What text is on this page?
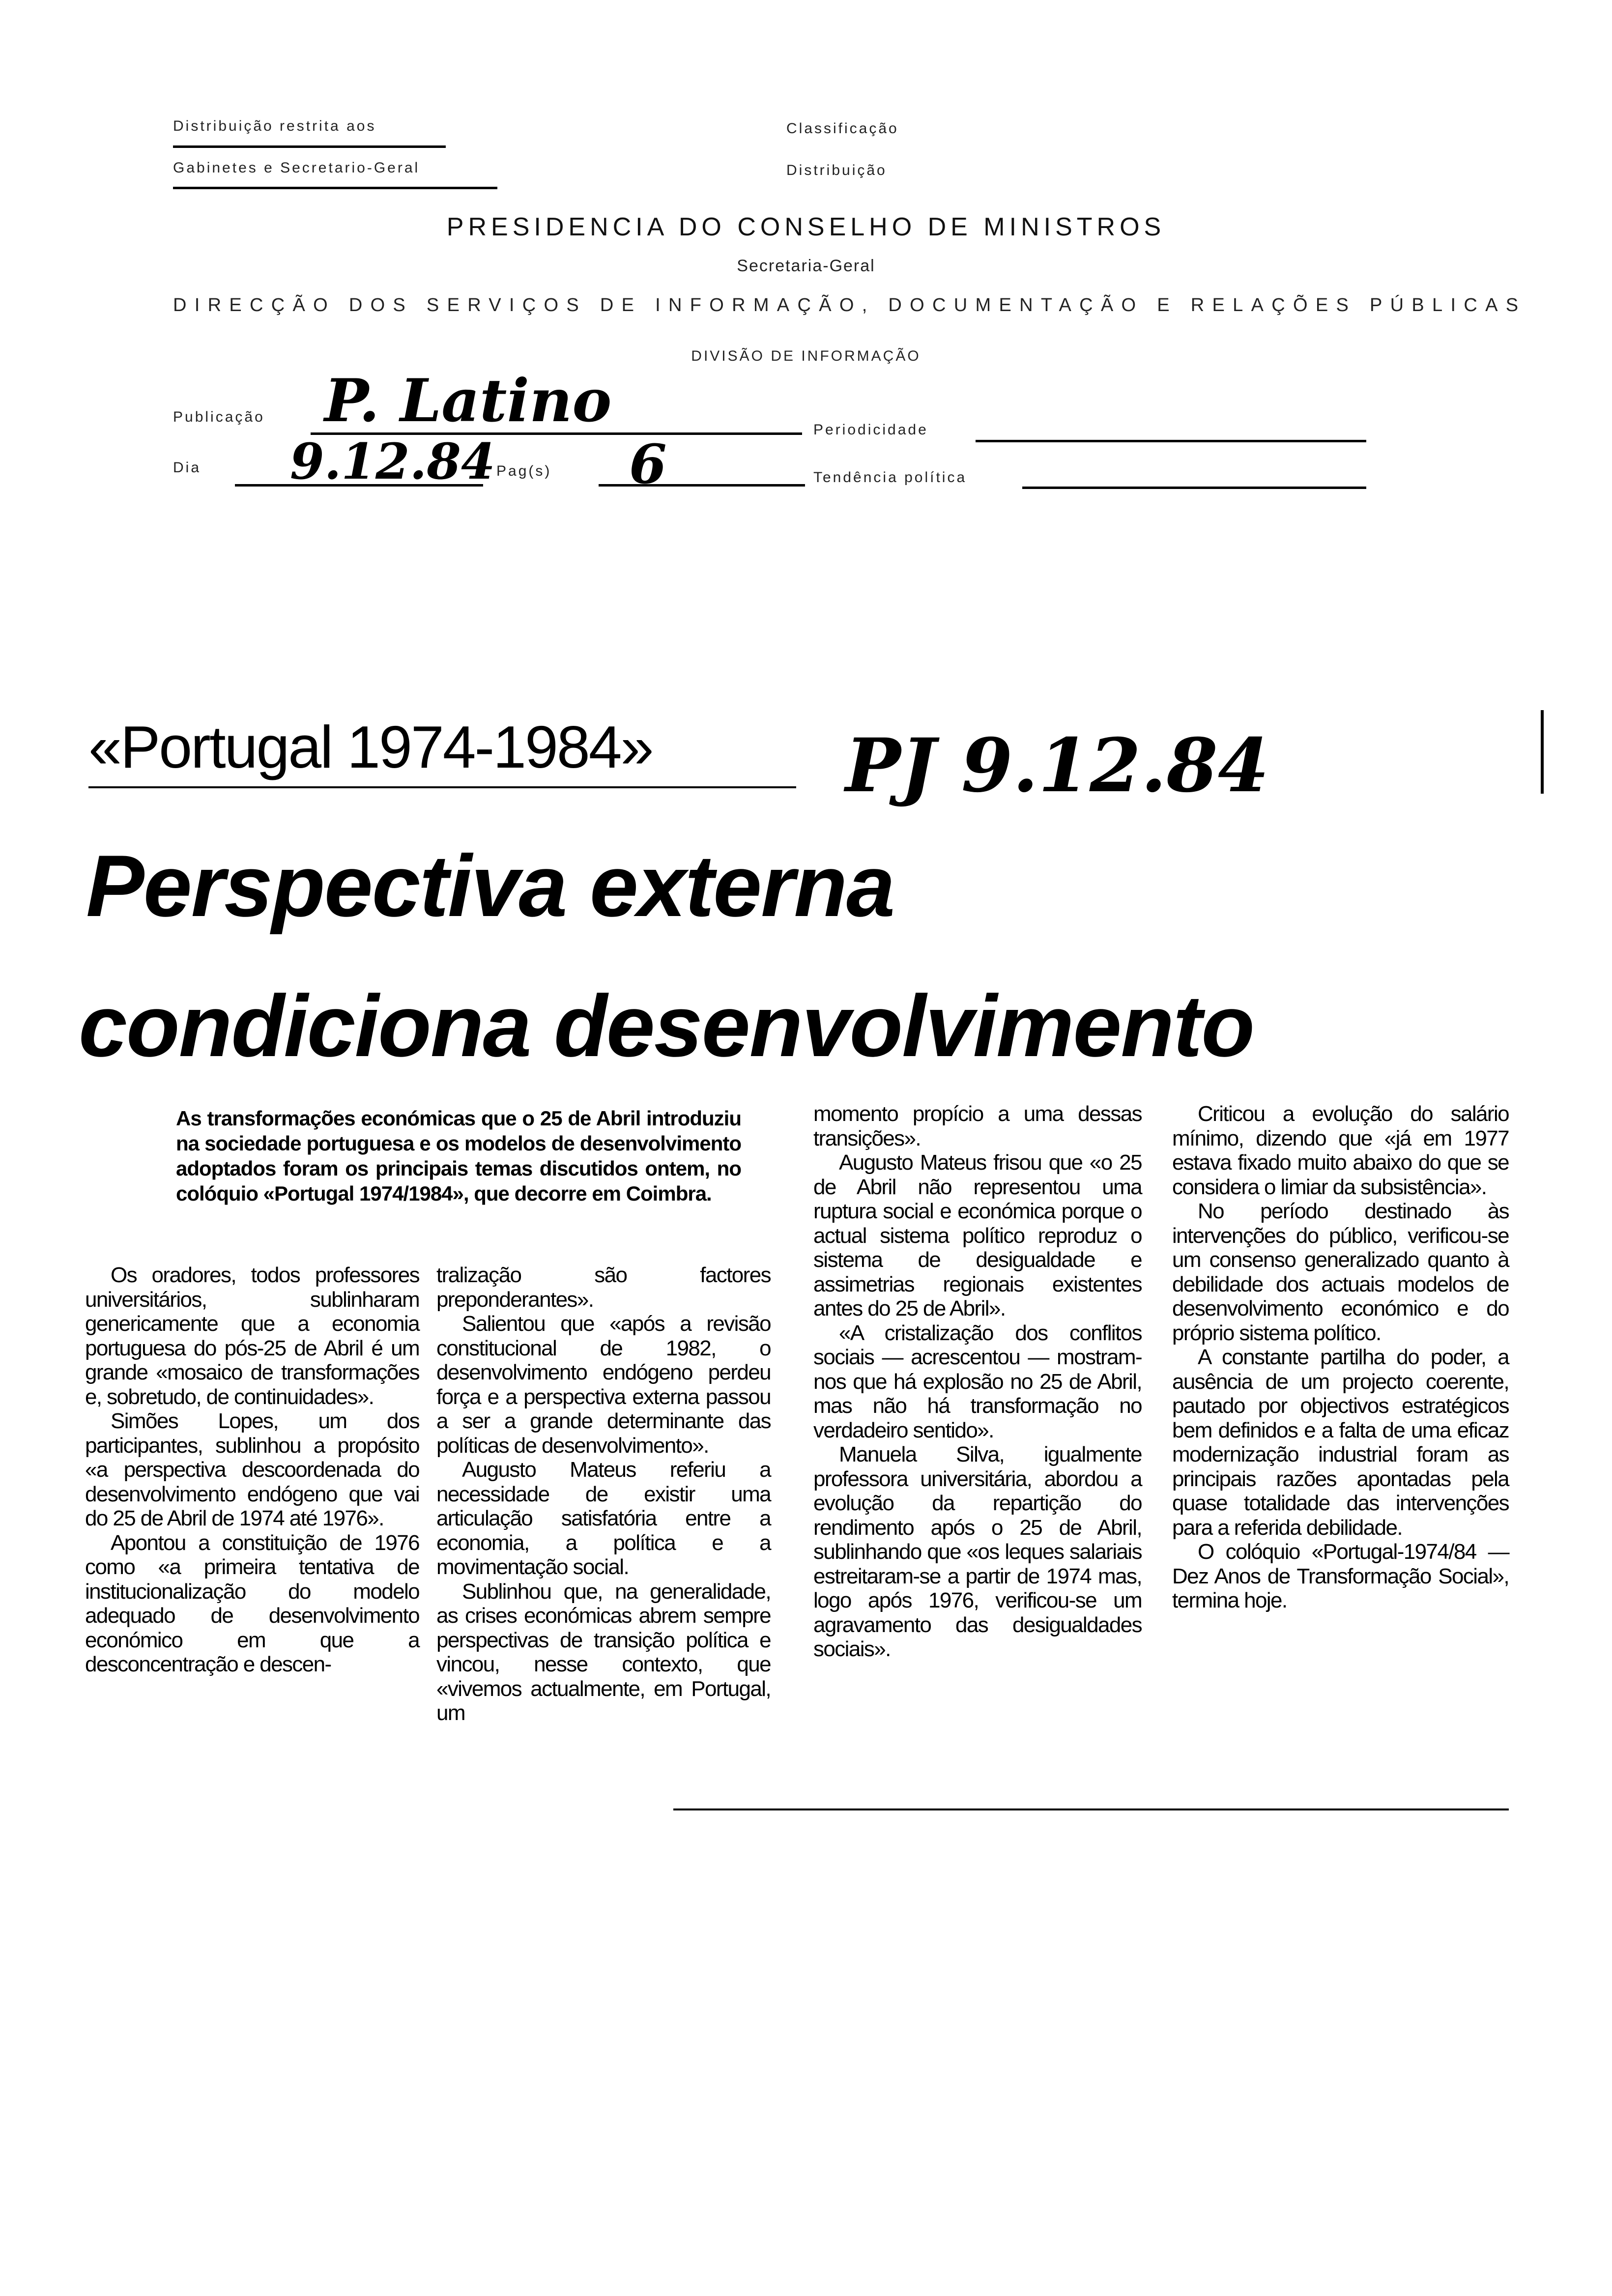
Distribuição restrita aos
Gabinetes e Secretario-Geral
Classificação
Distribuição
PRESIDENCIA DO CONSELHO DE MINISTROS
Secretaria-Geral
DIRECÇÃO DOS SERVIÇOS DE INFORMAÇÃO, DOCUMENTAÇÃO E RELAÇÕES PÚBLICAS
DIVISÃO DE INFORMAÇÃO
Publicação P. Latino	Periodicidade
Dia 9.12.84 Pag(s) 6	Tendência política
«Portugal 1974-1984»	PJ 9.12.84
Perspectiva externa
condiciona desenvolvimento
As transformações económicas que o 25 de Abril introduziu na sociedade portuguesa e os modelos de desenvolvimento adoptados foram os principais temas discutidos ontem, no colóquio «Portugal 1974/1984», que decorre em Coimbra.

Os oradores, todos professores universitários, sublinharam genericamente que a economia portuguesa do pós-25 de Abril é um grande «mosaico de transformações e, sobretudo, de continuidades».

Simões Lopes, um dos participantes, sublinhou a propósito «a perspectiva descoordenada do desenvolvimento endógeno que vai do 25 de Abril de 1974 até 1976».

Apontou a constituição de 1976 como «a primeira tentativa de institucionalização do modelo adequado de desenvolvimento económico em que a desconcentração e descen-

tralização são factores preponderantes».

Salientou que «após a revisão constitucional de 1982, o desenvolvimento endógeno perdeu força e a perspectiva externa passou a ser a grande determinante das políticas de desenvolvimento».

Augusto Mateus referiu a necessidade de existir uma articulação satisfatória entre a economia, a política e a movimentação social.

Sublinhou que, na generalidade, as crises económicas abrem sempre perspectivas de transição política e vincou, nesse contexto, que «vivemos actualmente, em Portugal, um

momento propício a uma dessas transições».

Augusto Mateus frisou que «o 25 de Abril não representou uma ruptura social e económica porque o actual sistema político reproduz o sistema de desigualdade e assimetrias regionais existentes antes do 25 de Abril».

«A cristalização dos conflitos sociais — acrescentou — mostram-nos que há explosão no 25 de Abril, mas não há transformação no verdadeiro sentido».

Manuela Silva, igualmente professora universitária, abordou a evolução da repartição do rendimento após o 25 de Abril, sublinhando que «os leques salariais estreitaram-se a partir de 1974 mas, logo após 1976, verificou-se um agravamento das desigualdades sociais».

Criticou a evolução do salário mínimo, dizendo que «já em 1977 estava fixado muito abaixo do que se considera o limiar da subsistência».

No período destinado às intervenções do público, verificou-se um consenso generalizado quanto à debilidade dos actuais modelos de desenvolvimento económico e do próprio sistema político.

A constante partilha do poder, a ausência de um projecto coerente, pautado por objectivos estratégicos bem definidos e a falta de uma eficaz modernização industrial foram as principais razões apontadas pela quase totalidade das intervenções para a referida debilidade.

O colóquio «Portugal-1974/84 — Dez Anos de Transformação Social», termina hoje.
